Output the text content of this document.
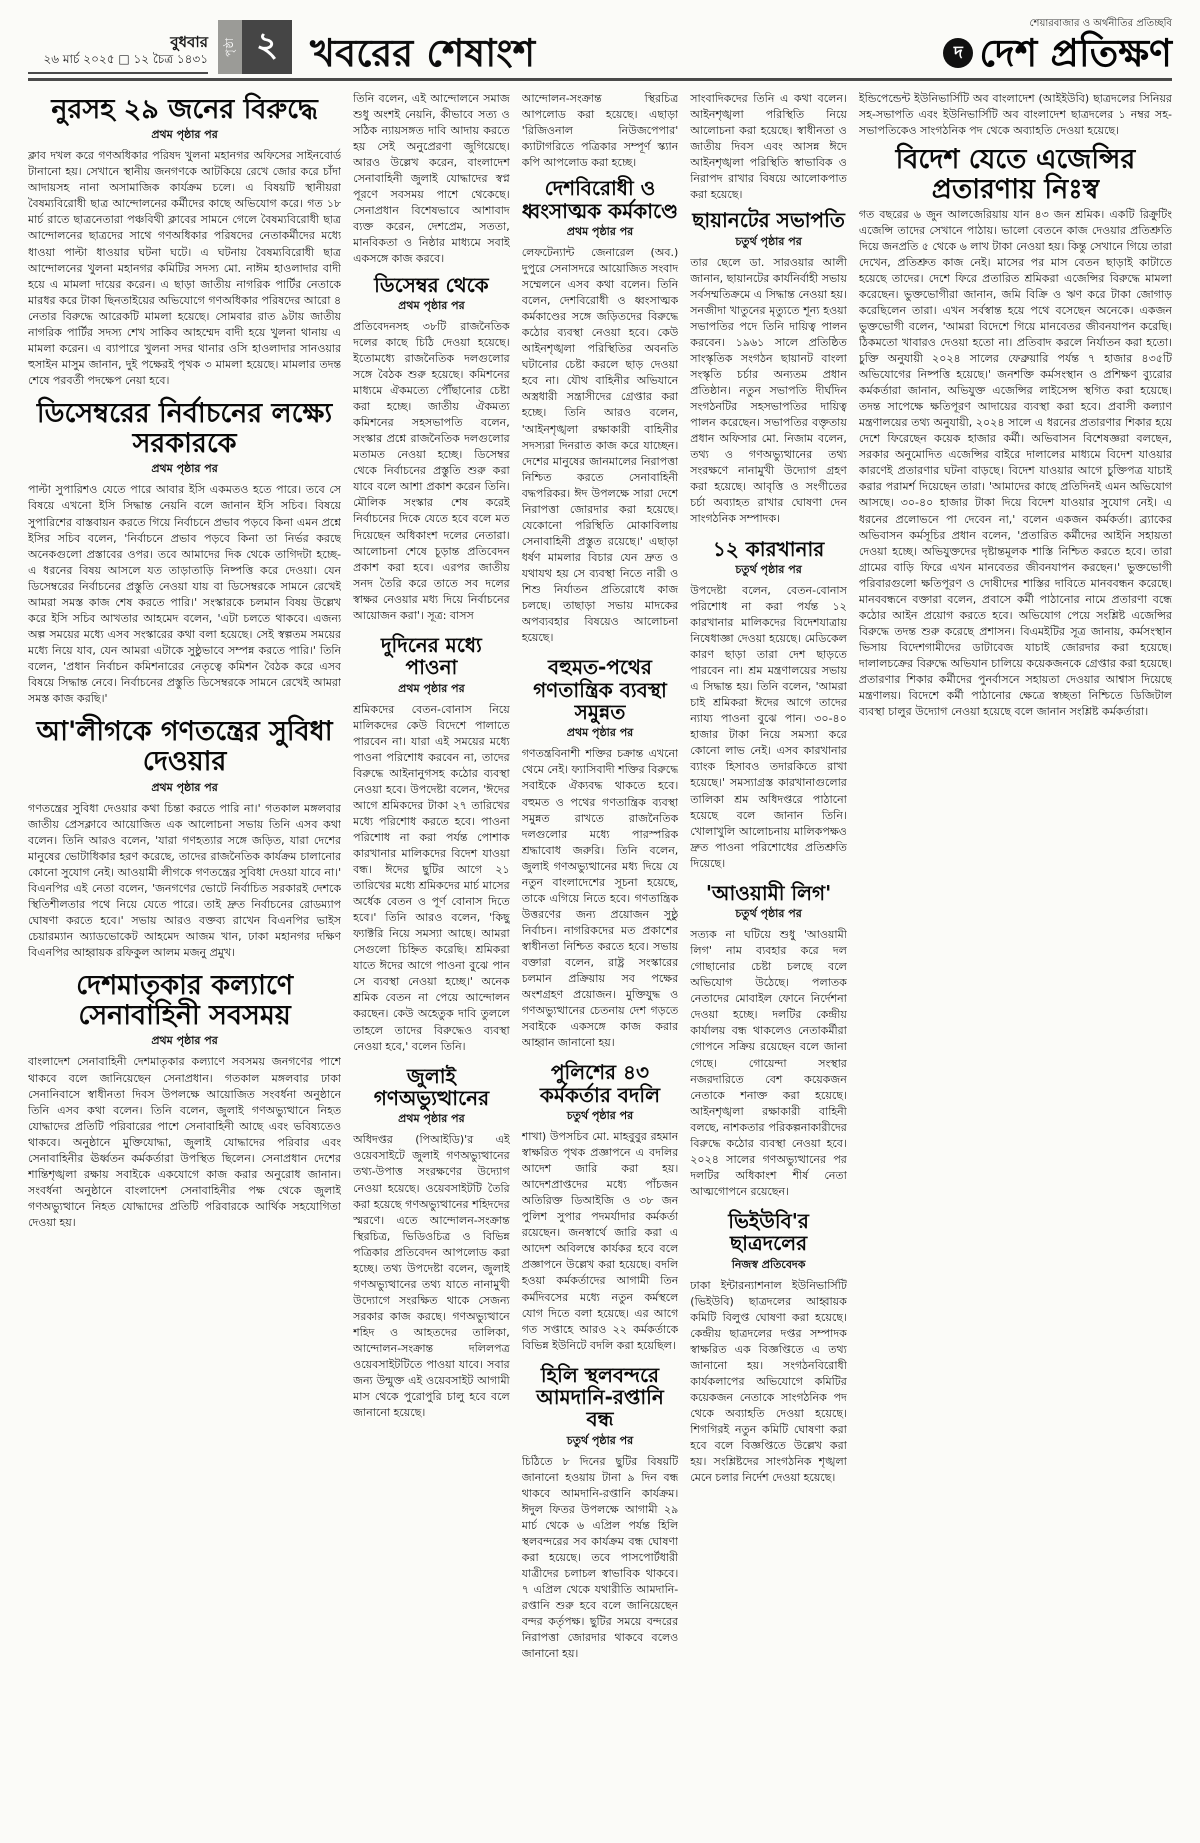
বুধবার
২৬ মার্চ ২০২৫ □ ১২ চৈত্র ১৪৩১
পৃষ্ঠা ২ খবরের শেষাংশ
শেয়ারবাজার ও অর্থনীতির প্রতিচ্ছবি
দ দেশ প্রতিক্ষণ
নুরসহ ২৯ জনের বিরুদ্ধে
প্রথম পৃষ্ঠার পর

ক্লাব দখল করে গণঅধিকার পরিষদ খুলনা মহানগর অফিসের সাইনবোর্ড টানানো হয়। সেখানে স্থানীয় জনগণকে আটকিয়ে রেখে জোর করে চাঁদা আদায়সহ নানা অসামাজিক কার্যক্রম চলে। এ বিষয়টি স্থানীয়রা বৈষম্যবিরোধী ছাত্র আন্দোলনের কর্মীদের কাছে অভিযোগ করে। গত ১৮ মার্চ রাতে ছাত্রনেতারা পঞ্চবিথী ক্লাবের সামনে গেলে বৈষম্যবিরোধী ছাত্র আন্দোলনের ছাত্রদের সাথে গণঅধিকার পরিষদের নেতাকর্মীদের মধ্যে ধাওয়া পাল্টা ধাওয়ার ঘটনা ঘটে। এ ঘটনায় বৈষম্যবিরোধী ছাত্র আন্দোলনের খুলনা মহানগর কমিটির সদস্য মো. নাঈম হাওলাদার বাদী হয়ে এ মামলা দায়ের করেন। এ ছাড়া জাতীয় নাগরিক পার্টির নেতাকে মারধর করে টাকা ছিনতাইয়ের অভিযোগে গণঅধিকার পরিষদের আরো ৪ নেতার বিরুদ্ধে আরেকটি মামলা হয়েছে। সোমবার রাত ৯টায় জাতীয় নাগরিক পার্টির সদস্য শেখ সাকিব আহম্মেদ বাদী হয়ে খুলনা থানায় এ মামলা করেন। এ ব্যাপারে খুলনা সদর থানার ওসি হাওলাদার সানওয়ার হুসাইন মাসুম জানান, দুই পক্ষেরই পৃথক ৩ মামলা হয়েছে। মামলার তদন্ত শেষে পরবর্তী পদক্ষেপ নেয়া হবে।

ডিসেম্বরের নির্বাচনের লক্ষ্যে সরকারকে
প্রথম পৃষ্ঠার পর

পাল্টা সুপারিশও যেতে পারে আবার ইসি একমতও হতে পারে। তবে সে বিষয়ে এখনো ইসি সিদ্ধান্ত নেয়নি বলে জানান ইসি সচিব। বিষয়ে সুপারিশের বাস্তবায়ন করতে গিয়ে নির্বাচনে প্রভাব পড়বে কিনা এমন প্রশ্নে ইসির সচিব বলেন, 'নির্বাচনে প্রভাব পড়বে কিনা তা নির্ভর করছে অনেকগুলো প্রস্তাবের ওপর। তবে আমাদের দিক থেকে তাগিদটা হচ্ছে- এ ধরনের বিষয় আসলে যত তাড়াতাড়ি নিষ্পত্তি করে দেওয়া। যেন ডিসেম্বরের নির্বাচনের প্রস্তুতি নেওয়া যায় বা ডিসেম্বরকে সামনে রেখেই আমরা সমস্ত কাজ শেষ করতে পারি।' সংস্কারকে চলমান বিষয় উল্লেখ করে ইসি সচিব আখতার আহমেদ বলেন, 'এটা চলতে থাকবে। এজন্য অল্প সময়ের মধ্যে এসব সংস্কারের কথা বলা হয়েছে। সেই স্বল্পতম সময়ের মধ্যে নিয়ে যাব, যেন আমরা এটাকে সুষ্ঠুভাবে সম্পন্ন করতে পারি।' তিনি বলেন, 'প্রধান নির্বাচন কমিশনারের নেতৃত্বে কমিশন বৈঠক করে এসব বিষয়ে সিদ্ধান্ত নেবে। নির্বাচনের প্রস্তুতি ডিসেম্বরকে সামনে রেখেই আমরা সমস্ত কাজ করছি।'

আ'লীগকে গণতন্ত্রের সুবিধা দেওয়ার
প্রথম পৃষ্ঠার পর

গণতন্ত্রের সুবিধা দেওয়ার কথা চিন্তা করতে পারি না।' গতকাল মঙ্গলবার জাতীয় প্রেসক্লাবে আয়োজিত এক আলোচনা সভায় তিনি এসব কথা বলেন। তিনি আরও বলেন, 'যারা গণহত্যার সঙ্গে জড়িত, যারা দেশের মানুষের ভোটাধিকার হরণ করেছে, তাদের রাজনৈতিক কার্যক্রম চালানোর কোনো সুযোগ নেই। আওয়ামী লীগকে গণতন্ত্রের সুবিধা দেওয়া যাবে না।' বিএনপির এই নেতা বলেন, 'জনগণের ভোটে নির্বাচিত সরকারই দেশকে স্থিতিশীলতার পথে নিয়ে যেতে পারে। তাই দ্রুত নির্বাচনের রোডম্যাপ ঘোষণা করতে হবে।' সভায় আরও বক্তব্য রাখেন বিএনপির ভাইস চেয়ারম্যান অ্যাডভোকেট আহমেদ আজম খান, ঢাকা মহানগর দক্ষিণ বিএনপির আহ্বায়ক রফিকুল আলম মজনু প্রমুখ।

দেশমাতৃকার কল্যাণে সেনাবাহিনী সবসময়
প্রথম পৃষ্ঠার পর

বাংলাদেশ সেনাবাহিনী দেশমাতৃকার কল্যাণে সবসময় জনগণের পাশে থাকবে বলে জানিয়েছেন সেনাপ্রধান। গতকাল মঙ্গলবার ঢাকা সেনানিবাসে স্বাধীনতা দিবস উপলক্ষে আয়োজিত সংবর্ধনা অনুষ্ঠানে তিনি এসব কথা বলেন। তিনি বলেন, জুলাই গণঅভ্যুত্থানে নিহত যোদ্ধাদের প্রতিটি পরিবারের পাশে সেনাবাহিনী আছে এবং ভবিষ্যতেও থাকবে। অনুষ্ঠানে মুক্তিযোদ্ধা, জুলাই যোদ্ধাদের পরিবার এবং সেনাবাহিনীর ঊর্ধ্বতন কর্মকর্তারা উপস্থিত ছিলেন। সেনাপ্রধান দেশের শান্তিশৃঙ্খলা রক্ষায় সবাইকে একযোগে কাজ করার অনুরোধ জানান। সংবর্ধনা অনুষ্ঠানে বাংলাদেশ সেনাবাহিনীর পক্ষ থেকে জুলাই গণঅভ্যুত্থানে নিহত যোদ্ধাদের প্রতিটি পরিবারকে আর্থিক সহযোগিতা দেওয়া হয়।

তিনি বলেন, এই আন্দোলনে সমাজ শুধু অংশই নেয়নি, কীভাবে সত্য ও সঠিক ন্যায়সঙ্গত দাবি আদায় করতে হয় সেই অনুপ্রেরণা জুগিয়েছে। আরও উল্লেখ করেন, বাংলাদেশ সেনাবাহিনী জুলাই যোদ্ধাদের স্বপ্ন পূরণে সবসময় পাশে থেকেছে। সেনাপ্রধান বিশেষভাবে আশাবাদ ব্যক্ত করেন, দেশপ্রেম, সততা, মানবিকতা ও নিষ্ঠার মাধ্যমে সবাই একসঙ্গে কাজ করবে।

ডিসেম্বর থেকে
প্রথম পৃষ্ঠার পর

প্রতিবেদনসহ ৩৮টি রাজনৈতিক দলের কাছে চিঠি দেওয়া হয়েছে। ইতোমধ্যে রাজনৈতিক দলগুলোর সঙ্গে বৈঠক শুরু হয়েছে। কমিশনের মাধ্যমে ঐকমত্যে পৌঁছানোর চেষ্টা করা হচ্ছে। জাতীয় ঐকমত্য কমিশনের সহসভাপতি বলেন, সংস্কার প্রশ্নে রাজনৈতিক দলগুলোর মতামত নেওয়া হচ্ছে। ডিসেম্বর থেকে নির্বাচনের প্রস্তুতি শুরু করা যাবে বলে আশা প্রকাশ করেন তিনি। মৌলিক সংস্কার শেষ করেই নির্বাচনের দিকে যেতে হবে বলে মত দিয়েছেন অধিকাংশ দলের নেতারা। আলোচনা শেষে চূড়ান্ত প্রতিবেদন প্রকাশ করা হবে। এরপর জাতীয় সনদ তৈরি করে তাতে সব দলের স্বাক্ষর নেওয়ার মধ্য দিয়ে নির্বাচনের আয়োজন করা'। সূত্র: বাসস

দুদিনের মধ্যে পাওনা
প্রথম পৃষ্ঠার পর

শ্রমিকদের বেতন-বোনাস নিয়ে মালিকদের কেউ বিদেশে পালাতে পারবেন না। যারা এই সময়ের মধ্যে পাওনা পরিশোধ করবেন না, তাদের বিরুদ্ধে আইনানুগসহ কঠোর ব্যবস্থা নেওয়া হবে। উপদেষ্টা বলেন, 'ঈদের আগে শ্রমিকদের টাকা ২৭ তারিখের মধ্যে পরিশোধ করতে হবে। পাওনা পরিশোধ না করা পর্যন্ত পোশাক কারখানার মালিকদের বিদেশ যাওয়া বন্ধ। ঈদের ছুটির আগে ২১ তারিখের মধ্যে শ্রমিকদের মার্চ মাসের অর্ধেক বেতন ও পূর্ণ বোনাস দিতে হবে।' তিনি আরও বলেন, 'কিছু ফ্যাক্টরি নিয়ে সমস্যা আছে। আমরা সেগুলো চিহ্নিত করেছি। শ্রমিকরা যাতে ঈদের আগে পাওনা বুঝে পান সে ব্যবস্থা নেওয়া হচ্ছে।' অনেক শ্রমিক বেতন না পেয়ে আন্দোলন করছেন। কেউ অহেতুক দাবি তুললে তাহলে তাদের বিরুদ্ধেও ব্যবস্থা নেওয়া হবে,' বলেন তিনি।

জুলাই গণঅভ্যুত্থানের
প্রথম পৃষ্ঠার পর

অধিদপ্তর (পিআইডি)'র এই ওয়েবসাইটে জুলাই গণঅভ্যুত্থানের তথ্য-উপাত্ত সংরক্ষণের উদ্যোগ নেওয়া হয়েছে। ওয়েবসাইটটি তৈরি করা হয়েছে গণঅভ্যুত্থানের শহিদদের স্মরণে। এতে আন্দোলন-সংক্রান্ত স্থিরচিত্র, ভিডিওচিত্র ও বিভিন্ন পত্রিকার প্রতিবেদন আপলোড করা হচ্ছে। তথ্য উপদেষ্টা বলেন, জুলাই গণঅভ্যুত্থানের তথ্য যাতে নানামুখী উদ্যোগে সংরক্ষিত থাকে সেজন্য সরকার কাজ করছে। গণঅভ্যুত্থানে শহিদ ও আহতদের তালিকা, আন্দোলন-সংক্রান্ত দলিলপত্র ওয়েবসাইটটিতে পাওয়া যাবে। সবার জন্য উন্মুক্ত এই ওয়েবসাইট আগামী মাস থেকে পুরোপুরি চালু হবে বলে জানানো হয়েছে।

আন্দোলন-সংক্রান্ত স্থিরচিত্র আপলোড করা হয়েছে। এছাড়া 'রিজিওনাল নিউজপেপার' ক্যাটাগরিতে পত্রিকার সম্পূর্ণ স্ক্যান কপি আপলোড করা হচ্ছে।

দেশবিরোধী ও ধ্বংসাত্মক কর্মকাণ্ডে
প্রথম পৃষ্ঠার পর

লেফটেন্যান্ট জেনারেল (অব.) দুপুরে সেনাসদরে আয়োজিত সংবাদ সম্মেলনে এসব কথা বলেন। তিনি বলেন, দেশবিরোধী ও ধ্বংসাত্মক কর্মকাণ্ডের সঙ্গে জড়িতদের বিরুদ্ধে কঠোর ব্যবস্থা নেওয়া হবে। কেউ আইনশৃঙ্খলা পরিস্থিতির অবনতি ঘটানোর চেষ্টা করলে ছাড় দেওয়া হবে না। যৌথ বাহিনীর অভিযানে অস্ত্রধারী সন্ত্রাসীদের গ্রেপ্তার করা হচ্ছে। তিনি আরও বলেন, 'আইনশৃঙ্খলা রক্ষাকারী বাহিনীর সদস্যরা দিনরাত কাজ করে যাচ্ছেন। দেশের মানুষের জানমালের নিরাপত্তা নিশ্চিত করতে সেনাবাহিনী বদ্ধপরিকর। ঈদ উপলক্ষে সারা দেশে নিরাপত্তা জোরদার করা হয়েছে। যেকোনো পরিস্থিতি মোকাবিলায় সেনাবাহিনী প্রস্তুত রয়েছে।' এছাড়া ধর্ষণ মামলার বিচার যেন দ্রুত ও যথাযথ হয় সে ব্যবস্থা নিতে নারী ও শিশু নির্যাতন প্রতিরোধে কাজ চলছে। তাছাড়া সভায় মাদকের অপব্যবহার বিষয়েও আলোচনা হয়েছে।

বহুমত-পথের গণতান্ত্রিক ব্যবস্থা সমুন্নত
প্রথম পৃষ্ঠার পর

গণতন্ত্রবিনাশী শক্তির চক্রান্ত এখনো থেমে নেই। ফ্যাসিবাদী শক্তির বিরুদ্ধে সবাইকে ঐক্যবদ্ধ থাকতে হবে। বহুমত ও পথের গণতান্ত্রিক ব্যবস্থা সমুন্নত রাখতে রাজনৈতিক দলগুলোর মধ্যে পারস্পরিক শ্রদ্ধাবোধ জরুরি। তিনি বলেন, জুলাই গণঅভ্যুত্থানের মধ্য দিয়ে যে নতুন বাংলাদেশের সূচনা হয়েছে, তাকে এগিয়ে নিতে হবে। গণতান্ত্রিক উত্তরণের জন্য প্রয়োজন সুষ্ঠু নির্বাচন। নাগরিকদের মত প্রকাশের স্বাধীনতা নিশ্চিত করতে হবে। সভায় বক্তারা বলেন, রাষ্ট্র সংস্কারের চলমান প্রক্রিয়ায় সব পক্ষের অংশগ্রহণ প্রয়োজন। মুক্তিযুদ্ধ ও গণঅভ্যুত্থানের চেতনায় দেশ গড়তে সবাইকে একসঙ্গে কাজ করার আহ্বান জানানো হয়।

পুলিশের ৪৩ কর্মকর্তার বদলি
চতুর্থ পৃষ্ঠার পর

শাখা) উপসচিব মো. মাহবুবুর রহমান স্বাক্ষরিত পৃথক প্রজ্ঞাপনে এ বদলির আদেশ জারি করা হয়। আদেশপ্রাপ্তদের মধ্যে পাঁচজন অতিরিক্ত ডিআইজি ও ৩৮ জন পুলিশ সুপার পদমর্যাদার কর্মকর্তা রয়েছেন। জনস্বার্থে জারি করা এ আদেশ অবিলম্বে কার্যকর হবে বলে প্রজ্ঞাপনে উল্লেখ করা হয়েছে। বদলি হওয়া কর্মকর্তাদের আগামী তিন কর্মদিবসের মধ্যে নতুন কর্মস্থলে যোগ দিতে বলা হয়েছে। এর আগে গত সপ্তাহে আরও ২২ কর্মকর্তাকে বিভিন্ন ইউনিটে বদলি করা হয়েছিল।

হিলি স্থলবন্দরে আমদানি-রপ্তানি বন্ধ
চতুর্থ পৃষ্ঠার পর

চিঠিতে ৮ দিনের ছুটির বিষয়টি জানানো হওয়ায় টানা ৯ দিন বন্ধ থাকবে আমদানি-রপ্তানি কার্যক্রম। ঈদুল ফিতর উপলক্ষে আগামী ২৯ মার্চ থেকে ৬ এপ্রিল পর্যন্ত হিলি স্থলবন্দরের সব কার্যক্রম বন্ধ ঘোষণা করা হয়েছে। তবে পাসপোর্টধারী যাত্রীদের চলাচল স্বাভাবিক থাকবে। ৭ এপ্রিল থেকে যথারীতি আমদানি-রপ্তানি শুরু হবে বলে জানিয়েছেন বন্দর কর্তৃপক্ষ। ছুটির সময়ে বন্দরের নিরাপত্তা জোরদার থাকবে বলেও জানানো হয়।

সাংবাদিকদের তিনি এ কথা বলেন। আইনশৃঙ্খলা পরিস্থিতি নিয়ে আলোচনা করা হয়েছে। স্বাধীনতা ও জাতীয় দিবস এবং আসন্ন ঈদে আইনশৃঙ্খলা পরিস্থিতি স্বাভাবিক ও নিরাপদ রাখার বিষয়ে আলোকপাত করা হয়েছে।

ছায়ানটের সভাপতি
চতুর্থ পৃষ্ঠার পর

তার ছেলে ডা. সারওয়ার আলী জানান, ছায়ানটের কার্যনির্বাহী সভায় সর্বসম্মতিক্রমে এ সিদ্ধান্ত নেওয়া হয়। সনজীদা খাতুনের মৃত্যুতে শূন্য হওয়া সভাপতির পদে তিনি দায়িত্ব পালন করবেন। ১৯৬১ সালে প্রতিষ্ঠিত সাংস্কৃতিক সংগঠন ছায়ানট বাংলা সংস্কৃতি চর্চার অন্যতম প্রধান প্রতিষ্ঠান। নতুন সভাপতি দীর্ঘদিন সংগঠনটির সহসভাপতির দায়িত্ব পালন করেছেন। সভাপতির বক্তৃতায় প্রধান অফিসার মো. নিজাম বলেন, তথ্য ও গণঅভ্যুত্থানের তথ্য সংরক্ষণে নানামুখী উদ্যোগ গ্রহণ করা হয়েছে। আবৃত্তি ও সংগীতের চর্চা অব্যাহত রাখার ঘোষণা দেন সাংগঠনিক সম্পাদক।

১২ কারখানার
চতুর্থ পৃষ্ঠার পর

উপদেষ্টা বলেন, বেতন-বোনাস পরিশোধ না করা পর্যন্ত ১২ কারখানার মালিকদের বিদেশযাত্রায় নিষেধাজ্ঞা দেওয়া হয়েছে। মেডিকেল কারণ ছাড়া তারা দেশ ছাড়তে পারবেন না। শ্রম মন্ত্রণালয়ের সভায় এ সিদ্ধান্ত হয়। তিনি বলেন, 'আমরা চাই শ্রমিকরা ঈদের আগে তাদের ন্যায্য পাওনা বুঝে পান। ৩০-৪০ হাজার টাকা নিয়ে সমস্যা করে কোনো লাভ নেই। এসব কারখানার ব্যাংক হিসাবও তদারকিতে রাখা হয়েছে।' সমস্যাগ্রস্ত কারখানাগুলোর তালিকা শ্রম অধিদপ্তরে পাঠানো হয়েছে বলে জানান তিনি। খোলাখুলি আলোচনায় মালিকপক্ষও দ্রুত পাওনা পরিশোধের প্রতিশ্রুতি দিয়েছে।

'আওয়ামী লিগ'
চতুর্থ পৃষ্ঠার পর

সত্যক না ঘটিয়ে শুধু 'আওয়ামী লিগ' নাম ব্যবহার করে দল গোছানোর চেষ্টা চলছে বলে অভিযোগ উঠেছে। পলাতক নেতাদের মোবাইল ফোনে নির্দেশনা দেওয়া হচ্ছে। দলটির কেন্দ্রীয় কার্যালয় বন্ধ থাকলেও নেতাকর্মীরা গোপনে সক্রিয় রয়েছেন বলে জানা গেছে। গোয়েন্দা সংস্থার নজরদারিতে বেশ কয়েকজন নেতাকে শনাক্ত করা হয়েছে। আইনশৃঙ্খলা রক্ষাকারী বাহিনী বলছে, নাশকতার পরিকল্পনাকারীদের বিরুদ্ধে কঠোর ব্যবস্থা নেওয়া হবে। ২০২৪ সালের গণঅভ্যুত্থানের পর দলটির অধিকাংশ শীর্ষ নেতা আত্মগোপনে রয়েছেন।

ভিইউবি'র ছাত্রদলের
নিজস্ব প্রতিবেদক

ঢাকা ইন্টারন্যাশনাল ইউনিভার্সিটি (ভিইউবি) ছাত্রদলের আহ্বায়ক কমিটি বিলুপ্ত ঘোষণা করা হয়েছে। কেন্দ্রীয় ছাত্রদলের দপ্তর সম্পাদক স্বাক্ষরিত এক বিজ্ঞপ্তিতে এ তথ্য জানানো হয়। সংগঠনবিরোধী কার্যকলাপের অভিযোগে কমিটির কয়েকজন নেতাকে সাংগঠনিক পদ থেকে অব্যাহতি দেওয়া হয়েছে। শিগগিরই নতুন কমিটি ঘোষণা করা হবে বলে বিজ্ঞপ্তিতে উল্লেখ করা হয়। সংশ্লিষ্টদের সাংগঠনিক শৃঙ্খলা মেনে চলার নির্দেশ দেওয়া হয়েছে।

ইন্ডিপেন্ডেন্ট ইউনিভার্সিটি অব বাংলাদেশ (আইইউবি) ছাত্রদলের সিনিয়র সহ-সভাপতি এবং ইউনিভার্সিটি অব বাংলাদেশ ছাত্রদলের ১ নম্বর সহ-সভাপতিকেও সাংগঠনিক পদ থেকে অব্যাহতি দেওয়া হয়েছে।

বিদেশ যেতে এজেন্সির প্রতারণায় নিঃস্ব

গত বছরের ৬ জুন আলজেরিয়ায় যান ৪৩ জন শ্রমিক। একটি রিক্রুটিং এজেন্সি তাদের সেখানে পাঠায়। ভালো বেতনে কাজ দেওয়ার প্রতিশ্রুতি দিয়ে জনপ্রতি ৫ থেকে ৬ লাখ টাকা নেওয়া হয়। কিন্তু সেখানে গিয়ে তারা দেখেন, প্রতিশ্রুত কাজ নেই। মাসের পর মাস বেতন ছাড়াই কাটাতে হয়েছে তাদের। দেশে ফিরে প্রতারিত শ্রমিকরা এজেন্সির বিরুদ্ধে মামলা করেছেন। ভুক্তভোগীরা জানান, জমি বিক্রি ও ঋণ করে টাকা জোগাড় করেছিলেন তারা। এখন সর্বস্বান্ত হয়ে পথে বসেছেন অনেকে। একজন ভুক্তভোগী বলেন, 'আমরা বিদেশে গিয়ে মানবেতর জীবনযাপন করেছি। ঠিকমতো খাবারও দেওয়া হতো না। প্রতিবাদ করলে নির্যাতন করা হতো। চুক্তি অনুযায়ী ২০২৪ সালের ফেব্রুয়ারি পর্যন্ত ৭ হাজার ৪৩৫টি অভিযোগের নিষ্পত্তি হয়েছে।' জনশক্তি কর্মসংস্থান ও প্রশিক্ষণ ব্যুরোর কর্মকর্তারা জানান, অভিযুক্ত এজেন্সির লাইসেন্স স্থগিত করা হয়েছে। তদন্ত সাপেক্ষে ক্ষতিপূরণ আদায়ের ব্যবস্থা করা হবে। প্রবাসী কল্যাণ মন্ত্রণালয়ের তথ্য অনুযায়ী, ২০২৪ সালে এ ধরনের প্রতারণার শিকার হয়ে দেশে ফিরেছেন কয়েক হাজার কর্মী। অভিবাসন বিশেষজ্ঞরা বলছেন, সরকার অনুমোদিত এজেন্সির বাইরে দালালের মাধ্যমে বিদেশ যাওয়ার কারণেই প্রতারণার ঘটনা বাড়ছে। বিদেশ যাওয়ার আগে চুক্তিপত্র যাচাই করার পরামর্শ দিয়েছেন তারা। 'আমাদের কাছে প্রতিদিনই এমন অভিযোগ আসছে। ৩০-৪০ হাজার টাকা দিয়ে বিদেশ যাওয়ার সুযোগ নেই। এ ধরনের প্রলোভনে পা দেবেন না,' বলেন একজন কর্মকর্তা। ব্র্যাকের অভিবাসন কর্মসূচির প্রধান বলেন, 'প্রতারিত কর্মীদের আইনি সহায়তা দেওয়া হচ্ছে। অভিযুক্তদের দৃষ্টান্তমূলক শাস্তি নিশ্চিত করতে হবে। তারা গ্রামের বাড়ি ফিরে এখন মানবেতর জীবনযাপন করছেন।' ভুক্তভোগী পরিবারগুলো ক্ষতিপূরণ ও দোষীদের শাস্তির দাবিতে মানববন্ধন করেছে। মানববন্ধনে বক্তারা বলেন, প্রবাসে কর্মী পাঠানোর নামে প্রতারণা বন্ধে কঠোর আইন প্রয়োগ করতে হবে। অভিযোগ পেয়ে সংশ্লিষ্ট এজেন্সির বিরুদ্ধে তদন্ত শুরু করেছে প্রশাসন। বিএমইটির সূত্র জানায়, কর্মসংস্থান ভিসায় বিদেশগামীদের ডাটাবেজ যাচাই জোরদার করা হয়েছে। দালালচক্রের বিরুদ্ধে অভিযান চালিয়ে কয়েকজনকে গ্রেপ্তার করা হয়েছে। প্রতারণার শিকার কর্মীদের পুনর্বাসনে সহায়তা দেওয়ার আশ্বাস দিয়েছে মন্ত্রণালয়। বিদেশে কর্মী পাঠানোর ক্ষেত্রে স্বচ্ছতা নিশ্চিতে ডিজিটাল ব্যবস্থা চালুর উদ্যোগ নেওয়া হয়েছে বলে জানান সংশ্লিষ্ট কর্মকর্তারা।
